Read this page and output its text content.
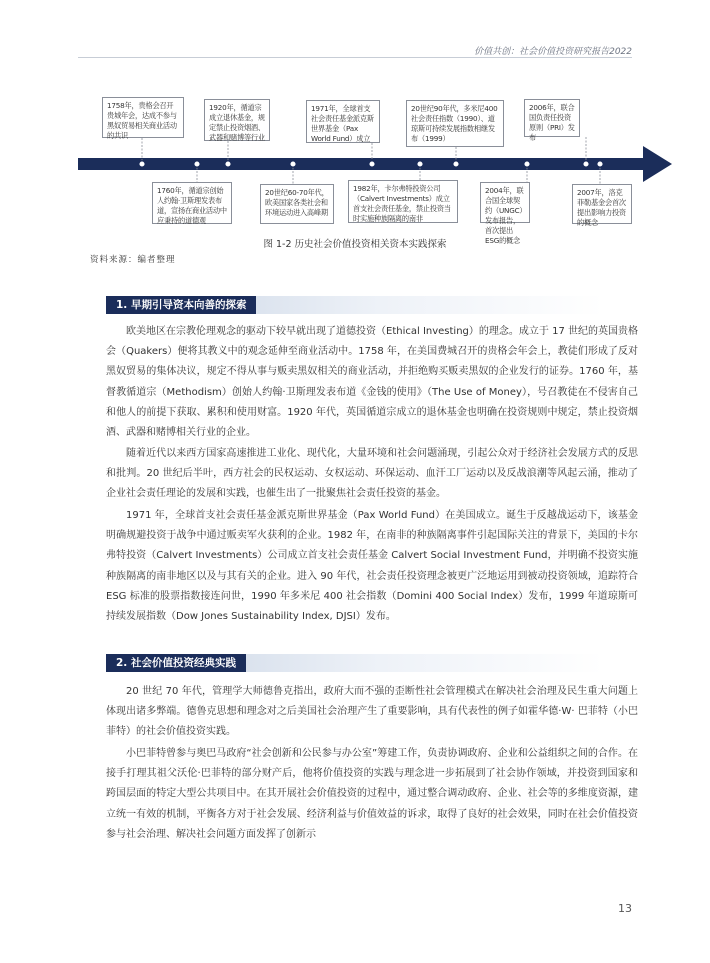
价值共创：社会价值投资研究报告2022
1758年，贵格会召开贵城年会，达成不参与黑奴贸易相关商业活动的共识
1920年，循道宗成立退休基金，规定禁止投资烟酒、武器和赌博等行业
1971年，全球首支社会责任基金派克斯世界基金（Pax World Fund）成立
20世纪90年代，多米尼400社会责任指数（1990）、道琼斯可持续发展指数相继发布（1999）
2006年，联合国负责任投资原则（PRI）发布
1760年，循道宗创始人约翰·卫斯理发表布道，宣扬在商业活动中应秉持的道德观
20世纪60-70年代，欧美国家各类社会和环境运动进入高峰期
1982年，卡尔弗特投资公司（Calvert Investments）成立首支社会责任基金，禁止投资当时实施种族隔离的南非
2004年，联合国全球契约（UNGC）发布报告，首次提出ESG的概念
2007年，洛克菲勒基金会首次提出影响力投资的概念
图 1-2 历史社会价值投资相关资本实践探索
资料来源：编者整理
1. 早期引导资本向善的探索

欧美地区在宗教伦理观念的驱动下较早就出现了道德投资（Ethical Investing）的理念。成立于 17 世纪的英国贵格会（Quakers）便将其教义中的观念延伸至商业活动中。1758 年，在美国费城召开的贵格会年会上，教徒们形成了反对黑奴贸易的集体决议，规定不得从事与贩卖黑奴相关的商业活动，并拒绝购买贩卖黑奴的企业发行的证券。1760 年，基督教循道宗（Methodism）创始人约翰·卫斯理发表布道《金钱的使用》（The Use of Money），号召教徒在不侵害自己和他人的前提下获取、累积和使用财富。1920 年代，英国循道宗成立的退休基金也明确在投资规则中规定，禁止投资烟酒、武器和赌博相关行业的企业。

随着近代以来西方国家高速推进工业化、现代化，大量环境和社会问题涌现，引起公众对于经济社会发展方式的反思和批判。20 世纪后半叶，西方社会的民权运动、女权运动、环保运动、血汗工厂运动以及反战浪潮等风起云涌，推动了企业社会责任理论的发展和实践，也催生出了一批聚焦社会责任投资的基金。

1971 年，全球首支社会责任基金派克斯世界基金（Pax World Fund）在美国成立。诞生于反越战运动下，该基金明确规避投资于战争中通过贩卖军火获利的企业。1982 年，在南非的种族隔离事件引起国际关注的背景下，美国的卡尔弗特投资（Calvert Investments）公司成立首支社会责任基金 Calvert Social Investment Fund，并明确不投资实施种族隔离的南非地区以及与其有关的企业。进入 90 年代，社会责任投资理念被更广泛地运用到被动投资领域，追踪符合 ESG 标准的股票指数接连问世，1990 年多米尼 400 社会指数（Domini 400 Social Index）发布，1999 年道琼斯可持续发展指数（Dow Jones Sustainability Index, DJSI）发布。

2. 社会价值投资经典实践

20 世纪 70 年代，管理学大师德鲁克指出，政府大而不强的歪断性社会管理模式在解决社会治理及民生重大问题上体现出诸多弊端。德鲁克思想和理念对之后美国社会治理产生了重要影响，具有代表性的例子如霍华德·W· 巴菲特（小巴菲特）的社会价值投资实践。

小巴菲特曾参与奥巴马政府“社会创新和公民参与办公室”筹建工作，负责协调政府、企业和公益组织之间的合作。在接手打理其祖父沃伦·巴菲特的部分财产后，他将价值投资的实践与理念进一步拓展到了社会协作领域，并投资到国家和跨国层面的特定大型公共项目中。在其开展社会价值投资的过程中，通过整合调动政府、企业、社会等的多维度资源，建立统一有效的机制，平衡各方对于社会发展、经济利益与价值效益的诉求，取得了良好的社会效果，同时在社会价值投资参与社会治理、解决社会问题方面发挥了创新示

13
